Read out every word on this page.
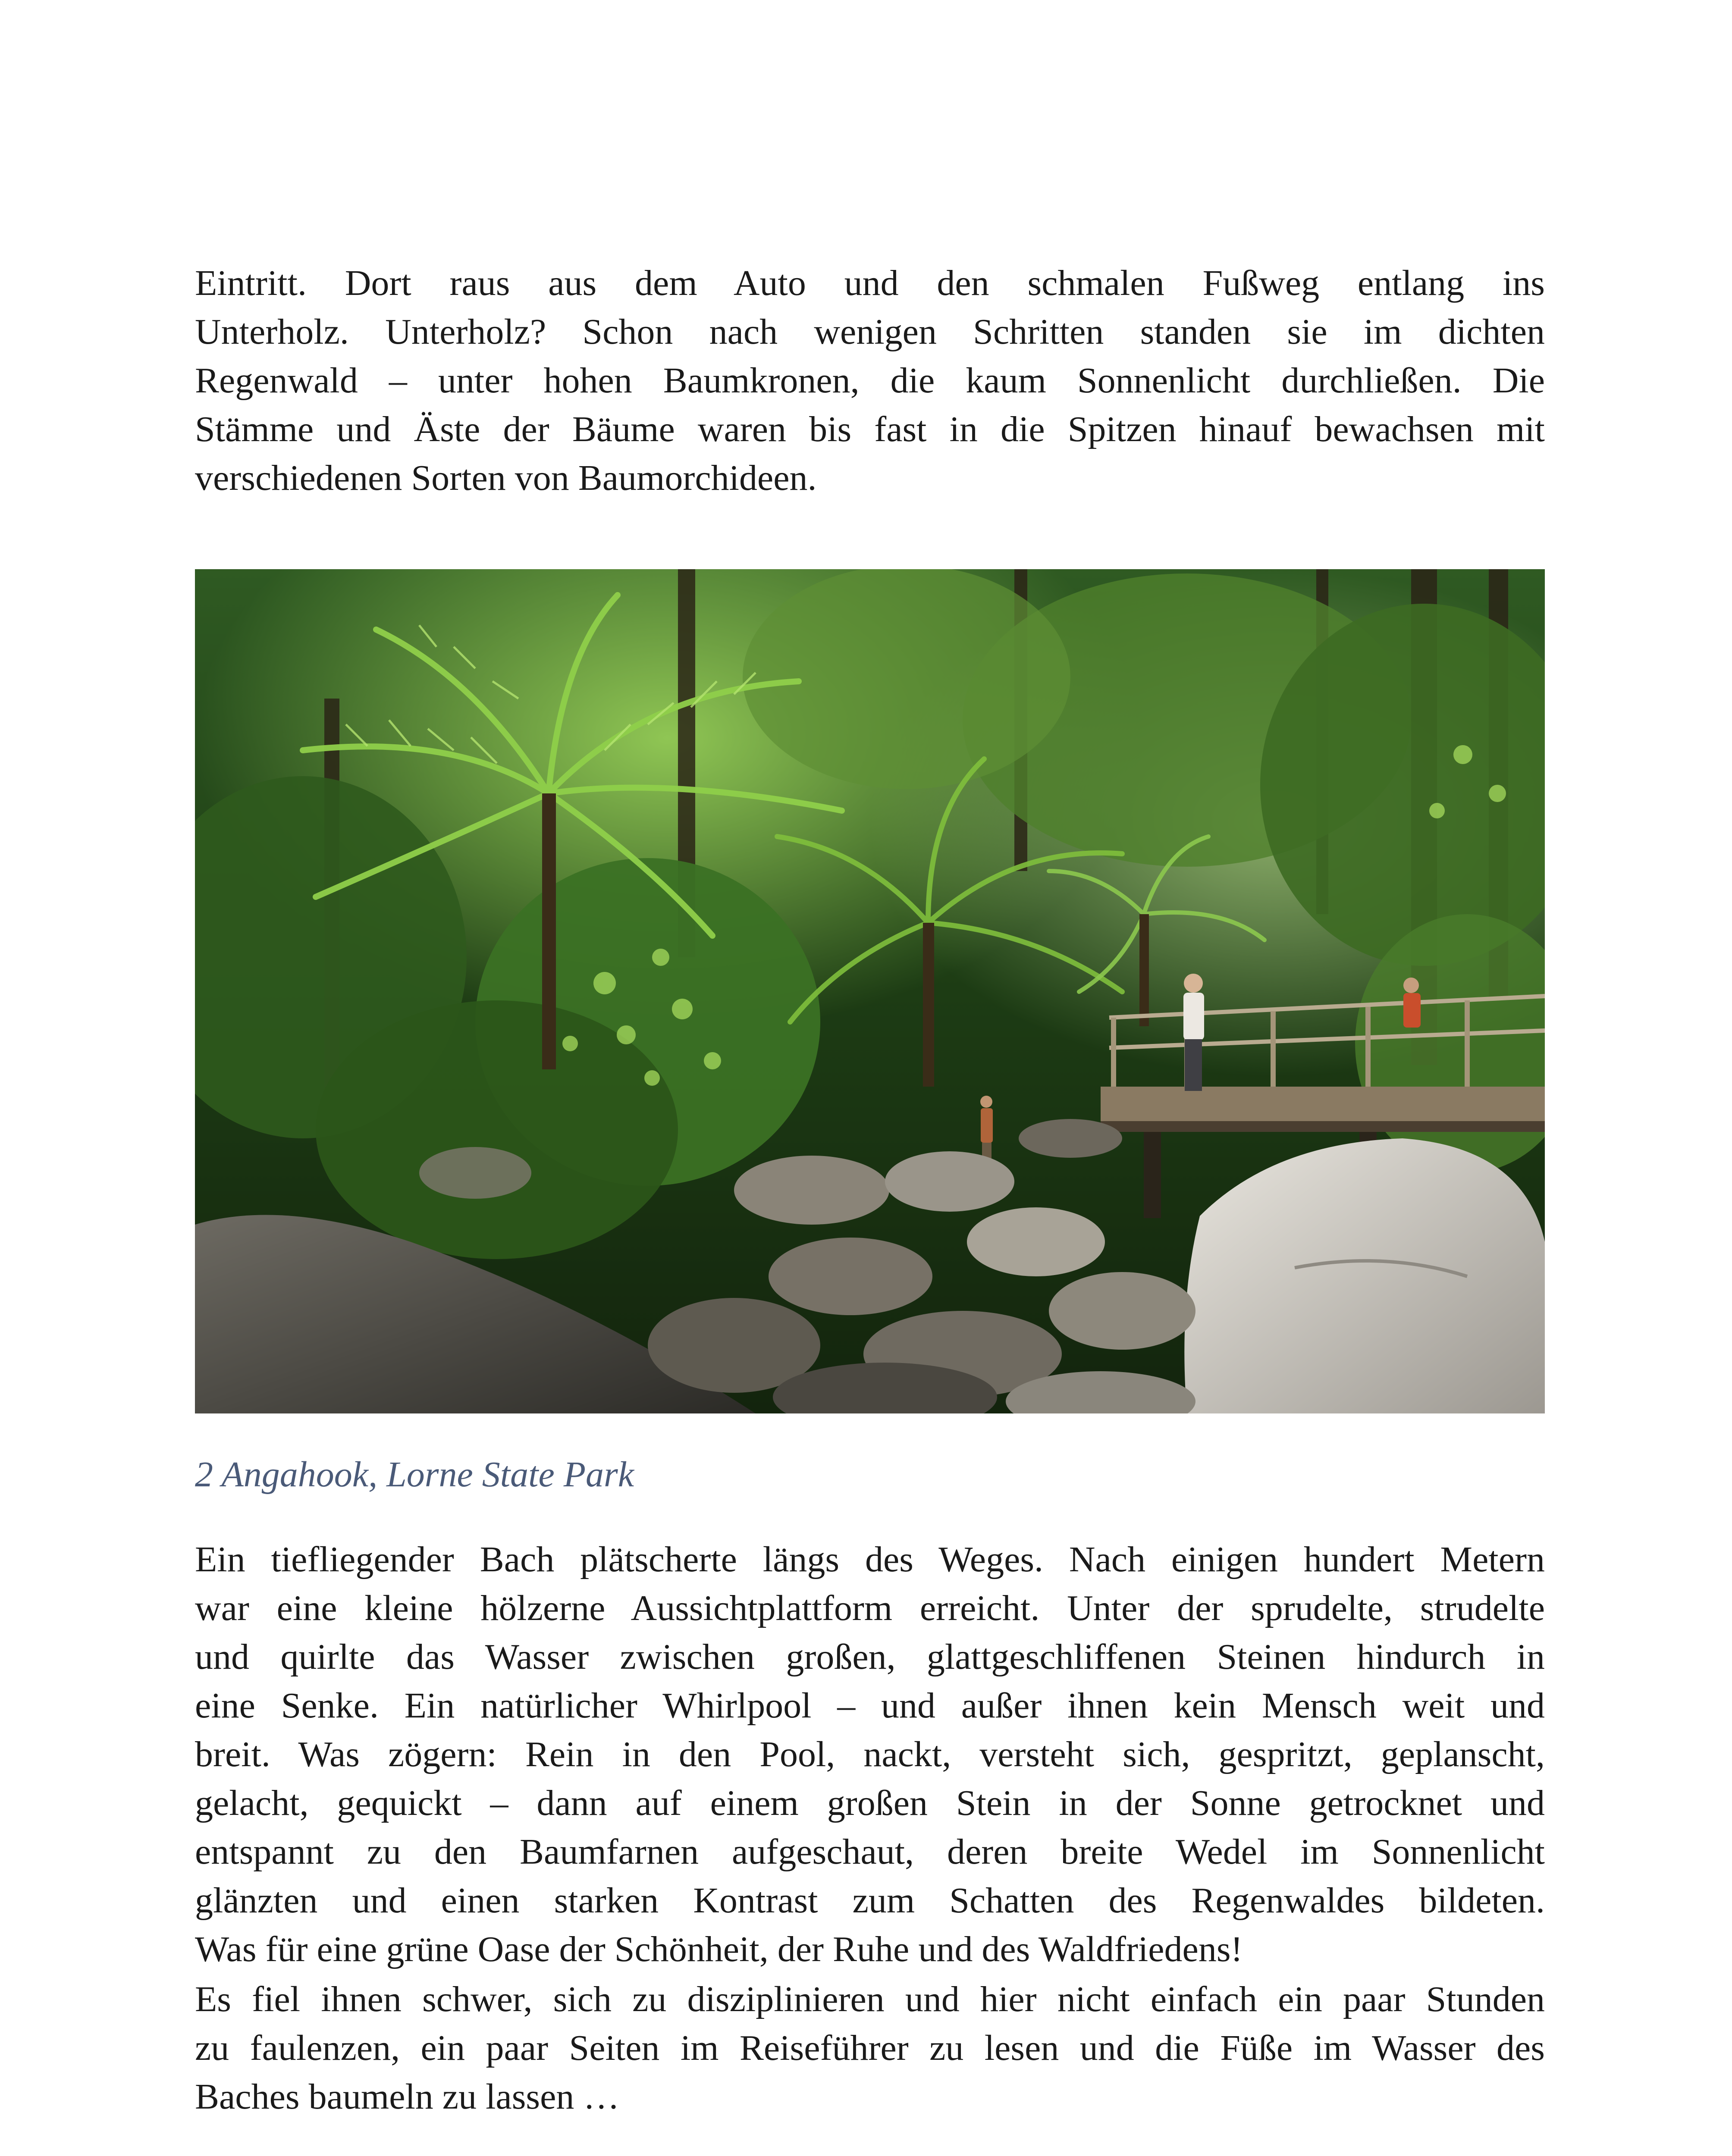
Eintritt. Dort raus aus dem Auto und den schmalen Fußweg entlang ins
Unterholz. Unterholz? Schon nach wenigen Schritten standen sie im dichten
Regenwald – unter hohen Baumkronen, die kaum Sonnenlicht durchließen. Die
Stämme und Äste der Bäume waren bis fast in die Spitzen hinauf bewachsen mit
verschiedenen Sorten von Baumorchideen.

2 Angahook, Lorne State Park

Ein tiefliegender Bach plätscherte längs des Weges. Nach einigen hundert Metern
war eine kleine hölzerne Aussichtplattform erreicht. Unter der sprudelte, strudelte
und quirlte das Wasser zwischen großen, glattgeschliffenen Steinen hindurch in
eine Senke. Ein natürlicher Whirlpool – und außer ihnen kein Mensch weit und
breit. Was zögern: Rein in den Pool, nackt, versteht sich, gespritzt, geplanscht,
gelacht, gequickt – dann auf einem großen Stein in der Sonne getrocknet und
entspannt zu den Baumfarnen aufgeschaut, deren breite Wedel im Sonnenlicht
glänzten und einen starken Kontrast zum Schatten des Regenwaldes bildeten.
Was für eine grüne Oase der Schönheit, der Ruhe und des Waldfriedens!

Es fiel ihnen schwer, sich zu disziplinieren und hier nicht einfach ein paar Stunden
zu faulenzen, ein paar Seiten im Reiseführer zu lesen und die Füße im Wasser des
Baches baumeln zu lassen …
